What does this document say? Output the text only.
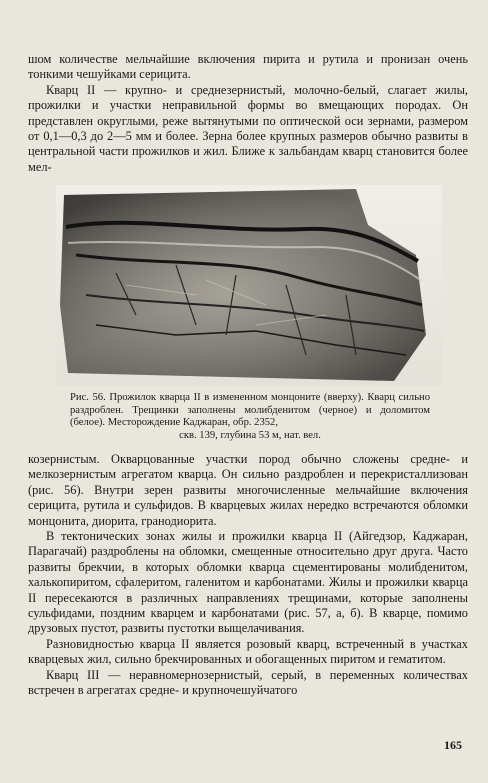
шом количестве мельчайшие включения пирита и рутила и пронизан очень тонкими чешуйками серицита.

Кварц II — крупно- и среднезернистый, молочно-белый, слагает жилы, прожилки и участки неправильной формы во вмещающих породах. Он представлен округлыми, реже вытянутыми по оптической оси зернами, размером от 0,1—0,3 до 2—5 мм и более. Зерна более крупных размеров обычно развиты в центральной части прожилков и жил. Ближе к зальбандам кварц становится более мел-

Рис. 56. Прожилок кварца II в измененном монцоните (вверху). Кварц сильно раздроблен. Трещинки заполнены молибденитом (черное) и доломитом (белое). Месторождение Каджаран, обр. 2352,
скв. 139, глубина 53 м, нат. вел.

козернистым. Окварцованные участки пород обычно сложены средне- и мелкозернистым агрегатом кварца. Он сильно раздроблен и перекристаллизован (рис. 56). Внутри зерен развиты многочисленные мельчайшие включения серицита, рутила и сульфидов. В кварцевых жилах нередко встречаются обломки монцонита, диорита, гранодиорита.

В тектонических зонах жилы и прожилки кварца II (Айгедзор, Каджаран, Парагачай) раздроблены на обломки, смещенные относительно друг друга. Часто развиты брекчии, в которых обломки кварца сцементированы молибденитом, халькопиритом, сфалеритом, галенитом и карбонатами. Жилы и прожилки кварца II пересекаются в различных направлениях трещинами, которые заполнены сульфидами, поздним кварцем и карбонатами (рис. 57, а, б). В кварце, помимо друзовых пустот, развиты пустотки выщелачивания.

Разновидностью кварца II является розовый кварц, встреченный в участках кварцевых жил, сильно брекчированных и обогащенных пиритом и гематитом.

Кварц III — неравномернозернистый, серый, в переменных количествах встречен в агрегатах средне- и крупночешуйчатого

165
